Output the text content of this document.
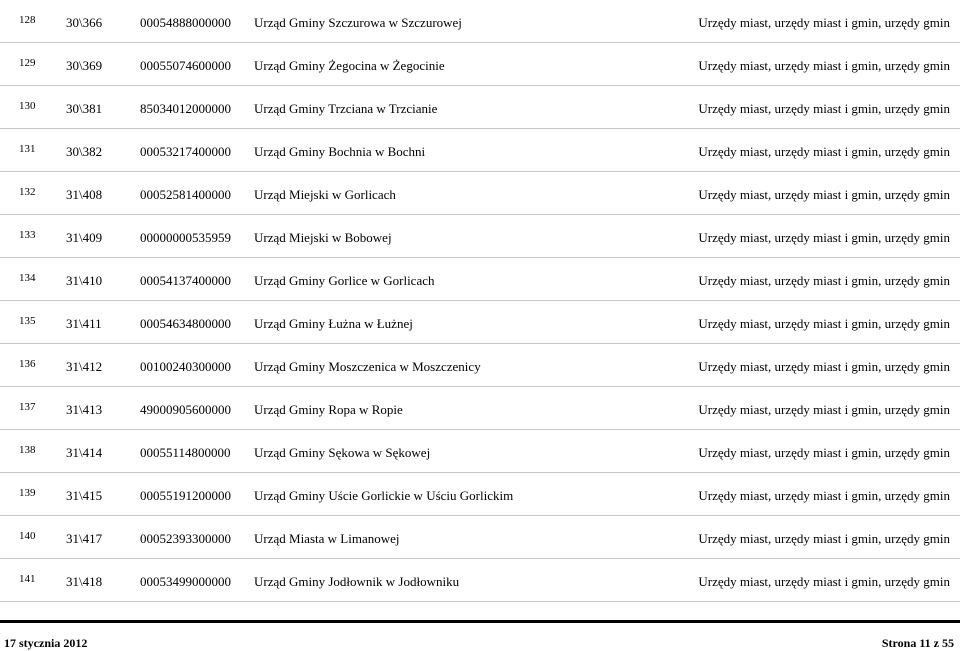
128 30\366	00054888000000 Urząd Gminy Szczurowa w Szczurowej	Urzędy miast, urzędy miast i gmin, urzędy gmin
129 30\369	00055074600000 Urząd Gminy Żegocina w Żegocinie	Urzędy miast, urzędy miast i gmin, urzędy gmin
130 30\381	85034012000000 Urząd Gminy Trzciana w Trzcianie	Urzędy miast, urzędy miast i gmin, urzędy gmin
131 30\382	00053217400000 Urząd Gminy Bochnia w Bochni	Urzędy miast, urzędy miast i gmin, urzędy gmin
132 31\408	00052581400000 Urząd Miejski w Gorlicach	Urzędy miast, urzędy miast i gmin, urzędy gmin
133 31\409	00000000535959 Urząd Miejski w Bobowej	Urzędy miast, urzędy miast i gmin, urzędy gmin
134 31\410	00054137400000 Urząd Gminy Gorlice w Gorlicach	Urzędy miast, urzędy miast i gmin, urzędy gmin
135 31\411	00054634800000 Urząd Gminy Łużna w Łużnej	Urzędy miast, urzędy miast i gmin, urzędy gmin
136 31\412	00100240300000 Urząd Gminy Moszczenica w Moszczenicy	Urzędy miast, urzędy miast i gmin, urzędy gmin
137 31\413	49000905600000 Urząd Gminy Ropa w Ropie	Urzędy miast, urzędy miast i gmin, urzędy gmin
138 31\414	00055114800000 Urząd Gminy Sękowa w Sękowej	Urzędy miast, urzędy miast i gmin, urzędy gmin
139 31\415	00055191200000 Urząd Gminy Uście Gorlickie w Uściu Gorlickim	Urzędy miast, urzędy miast i gmin, urzędy gmin
140 31\417	00052393300000 Urząd Miasta w Limanowej	Urzędy miast, urzędy miast i gmin, urzędy gmin
141 31\418	00053499000000 Urząd Gminy Jodłownik w Jodłowniku	Urzędy miast, urzędy miast i gmin, urzędy gmin
17 stycznia 2012	Strona 11 z 55
